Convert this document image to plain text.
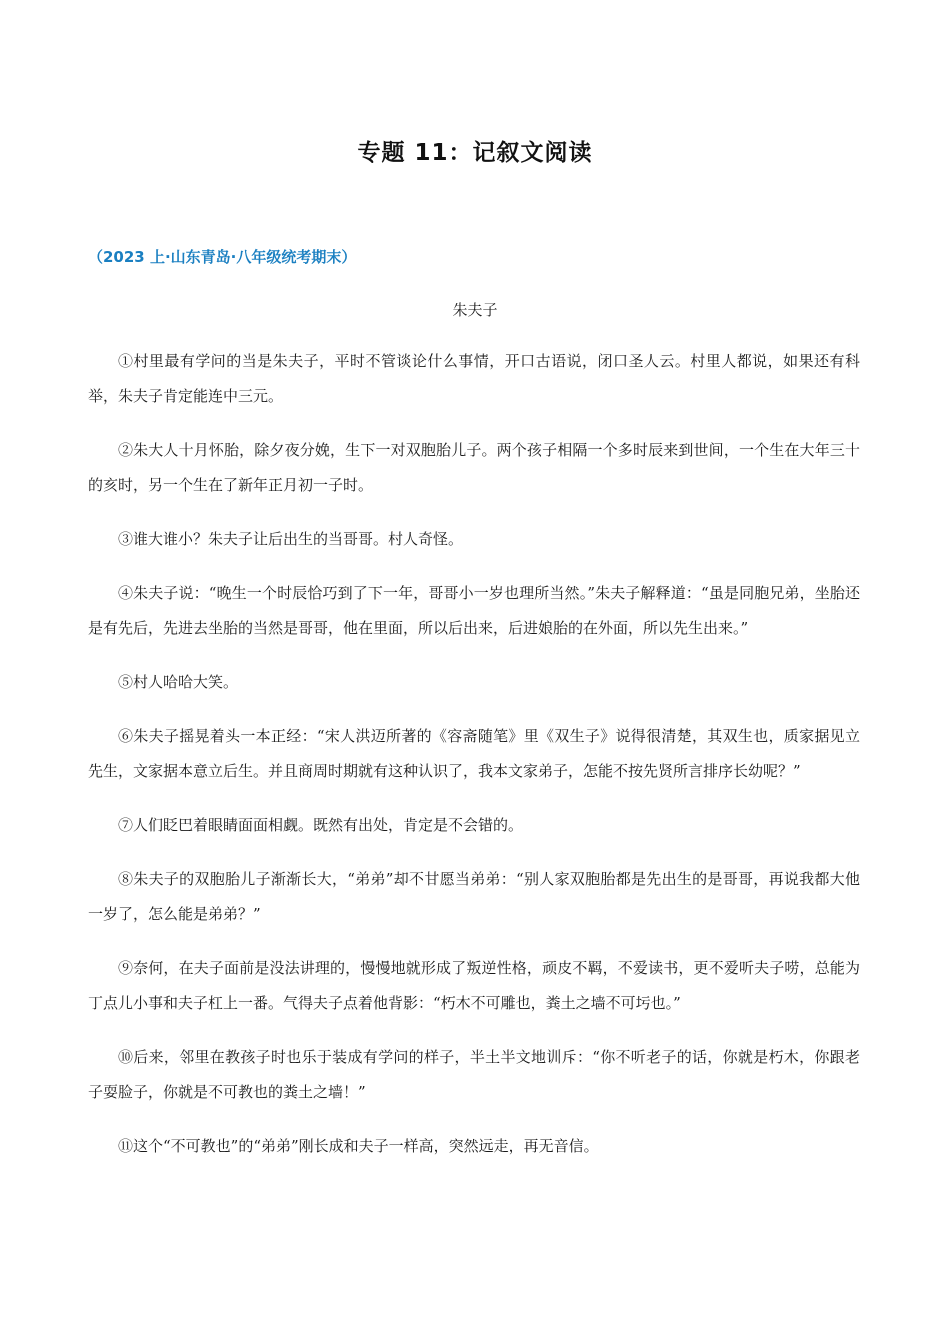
专题 11：记叙文阅读
（2023 上·山东青岛·八年级统考期末）
朱夫子

①村里最有学问的当是朱夫子，平时不管谈论什么事情，开口古语说，闭口圣人云。村里人都说，如果还有科举，朱夫子肯定能连中三元。

②朱大人十月怀胎，除夕夜分娩，生下一对双胞胎儿子。两个孩子相隔一个多时辰来到世间，一个生在大年三十的亥时，另一个生在了新年正月初一子时。

③谁大谁小？朱夫子让后出生的当哥哥。村人奇怪。

④朱夫子说：“晚生一个时辰恰巧到了下一年，哥哥小一岁也理所当然。”朱夫子解释道：“虽是同胞兄弟，坐胎还是有先后，先进去坐胎的当然是哥哥，他在里面，所以后出来，后进娘胎的在外面，所以先生出来。”

⑤村人哈哈大笑。

⑥朱夫子摇晃着头一本正经：“宋人洪迈所著的《容斋随笔》里《双生子》说得很清楚，其双生也，质家据见立先生，文家据本意立后生。并且商周时期就有这种认识了，我本文家弟子，怎能不按先贤所言排序长幼呢？”

⑦人们眨巴着眼睛面面相觑。既然有出处，肯定是不会错的。

⑧朱夫子的双胞胎儿子渐渐长大，“弟弟”却不甘愿当弟弟：“别人家双胞胎都是先出生的是哥哥，再说我都大他一岁了，怎么能是弟弟？”

⑨奈何，在夫子面前是没法讲理的，慢慢地就形成了叛逆性格，顽皮不羁，不爱读书，更不爱听夫子唠，总能为丁点儿小事和夫子杠上一番。气得夫子点着他背影：“朽木不可雕也，粪土之墙不可圬也。”

⑩后来，邻里在教孩子时也乐于装成有学问的样子，半土半文地训斥：“你不听老子的话，你就是朽木，你跟老子耍脸子，你就是不可教也的粪土之墙！”

⑪这个“不可教也”的“弟弟”刚长成和夫子一样高，突然远走，再无音信。
